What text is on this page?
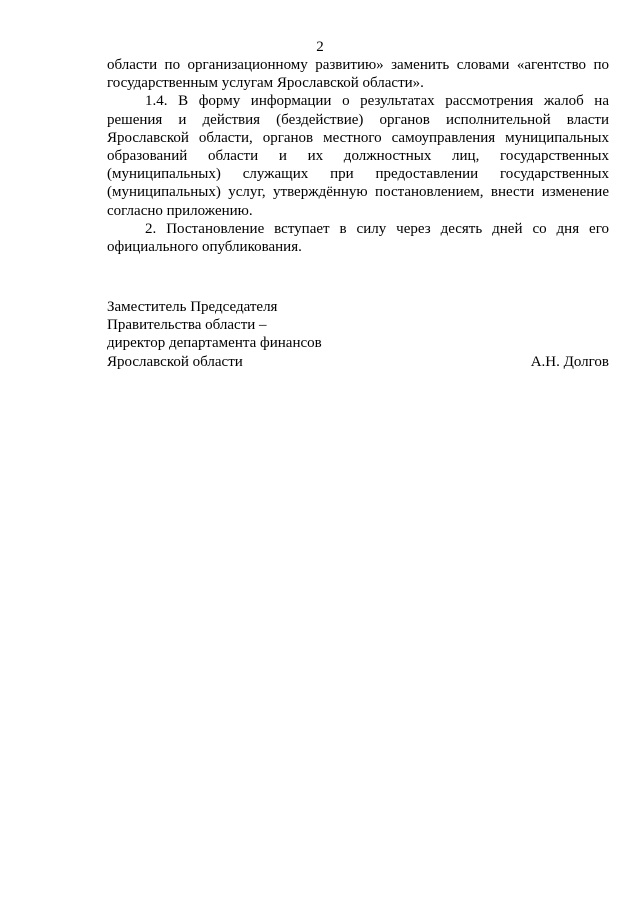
2

области по организационному развитию» заменить словами «агентство по государственным услугам Ярославской области».

1.4. В форму информации о результатах рассмотрения жалоб на решения и действия (бездействие) органов исполнительной власти Ярославской области, органов местного самоуправления муниципальных образований области и их должностных лиц, государственных (муниципальных) служащих при предоставлении государственных (муниципальных) услуг, утверждённую постановлением, внести изменение согласно приложению.

2. Постановление вступает в силу через десять дней со дня его официального опубликования.

Заместитель Председателя
Правительства области –
директор департамента финансов
Ярославской области	А.Н. Долгов
